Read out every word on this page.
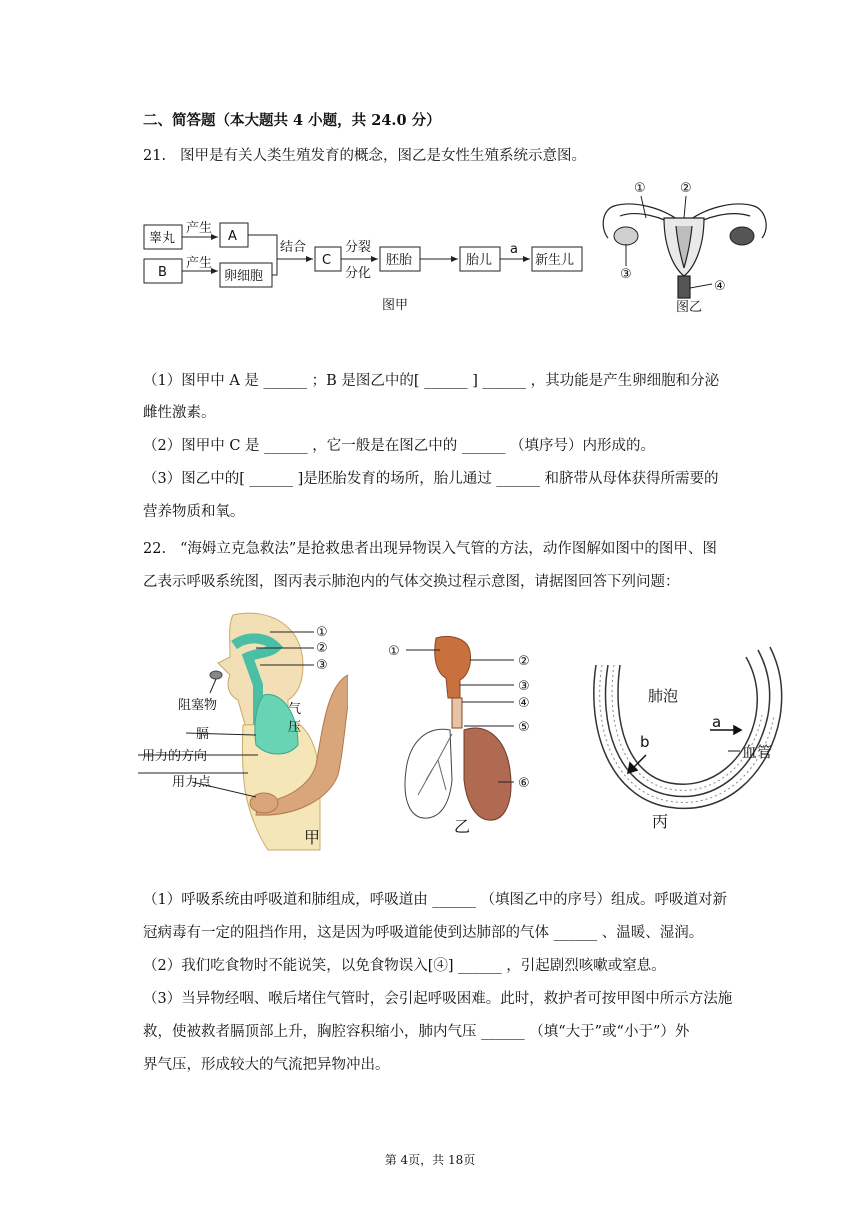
二、简答题（本大题共 4 小题，共 24.0 分）
21. 图甲是有关人类生殖发育的概念，图乙是女性生殖系统示意图。
睾丸
B
A
卵细胞
C	胚胎	胎儿	新生儿
产生
产生
结合	分裂
分化
a
图甲
①	②
③
④
图乙
（1）图甲中 A 是 ______ ；B 是图乙中的[ ______ ] ______ ，其功能是产生卵细胞和分泌
雌性激素。
（2）图甲中 C 是 ______ ，它一般是在图乙中的 ______ （填序号）内形成的。
（3）图乙中的[ ______ ]是胚胎发育的场所，胎儿通过 ______ 和脐带从母体获得所需要的
营养物质和氧。
22. “海姆立克急救法”是抢救患者出现异物误入气管的方法，动作图解如图中的图甲、图
乙表示呼吸系统图，图丙表示肺泡内的气体交换过程示意图，请据图回答下列问题：
①
②
③
阻塞物
膈
用力的方向
用力点
气
压
甲
①
②
③
④
⑤
⑥
乙
肺泡
a
b
血管
丙
（1）呼吸系统由呼吸道和肺组成，呼吸道由 ______ （填图乙中的序号）组成。呼吸道对新
冠病毒有一定的阻挡作用，这是因为呼吸道能使到达肺部的气体 ______ 、温暖、湿润。
（2）我们吃食物时不能说笑，以免食物误入[④] ______ ，引起剧烈咳嗽或窒息。
（3）当异物经咽、喉后堵住气管时，会引起呼吸困难。此时，救护者可按甲图中所示方法施
救，使被救者膈顶部上升，胸腔容积缩小，肺内气压 ______ （填“大于”或“小于”）外
界气压，形成较大的气流把异物冲出。
第 4页，共 18页
